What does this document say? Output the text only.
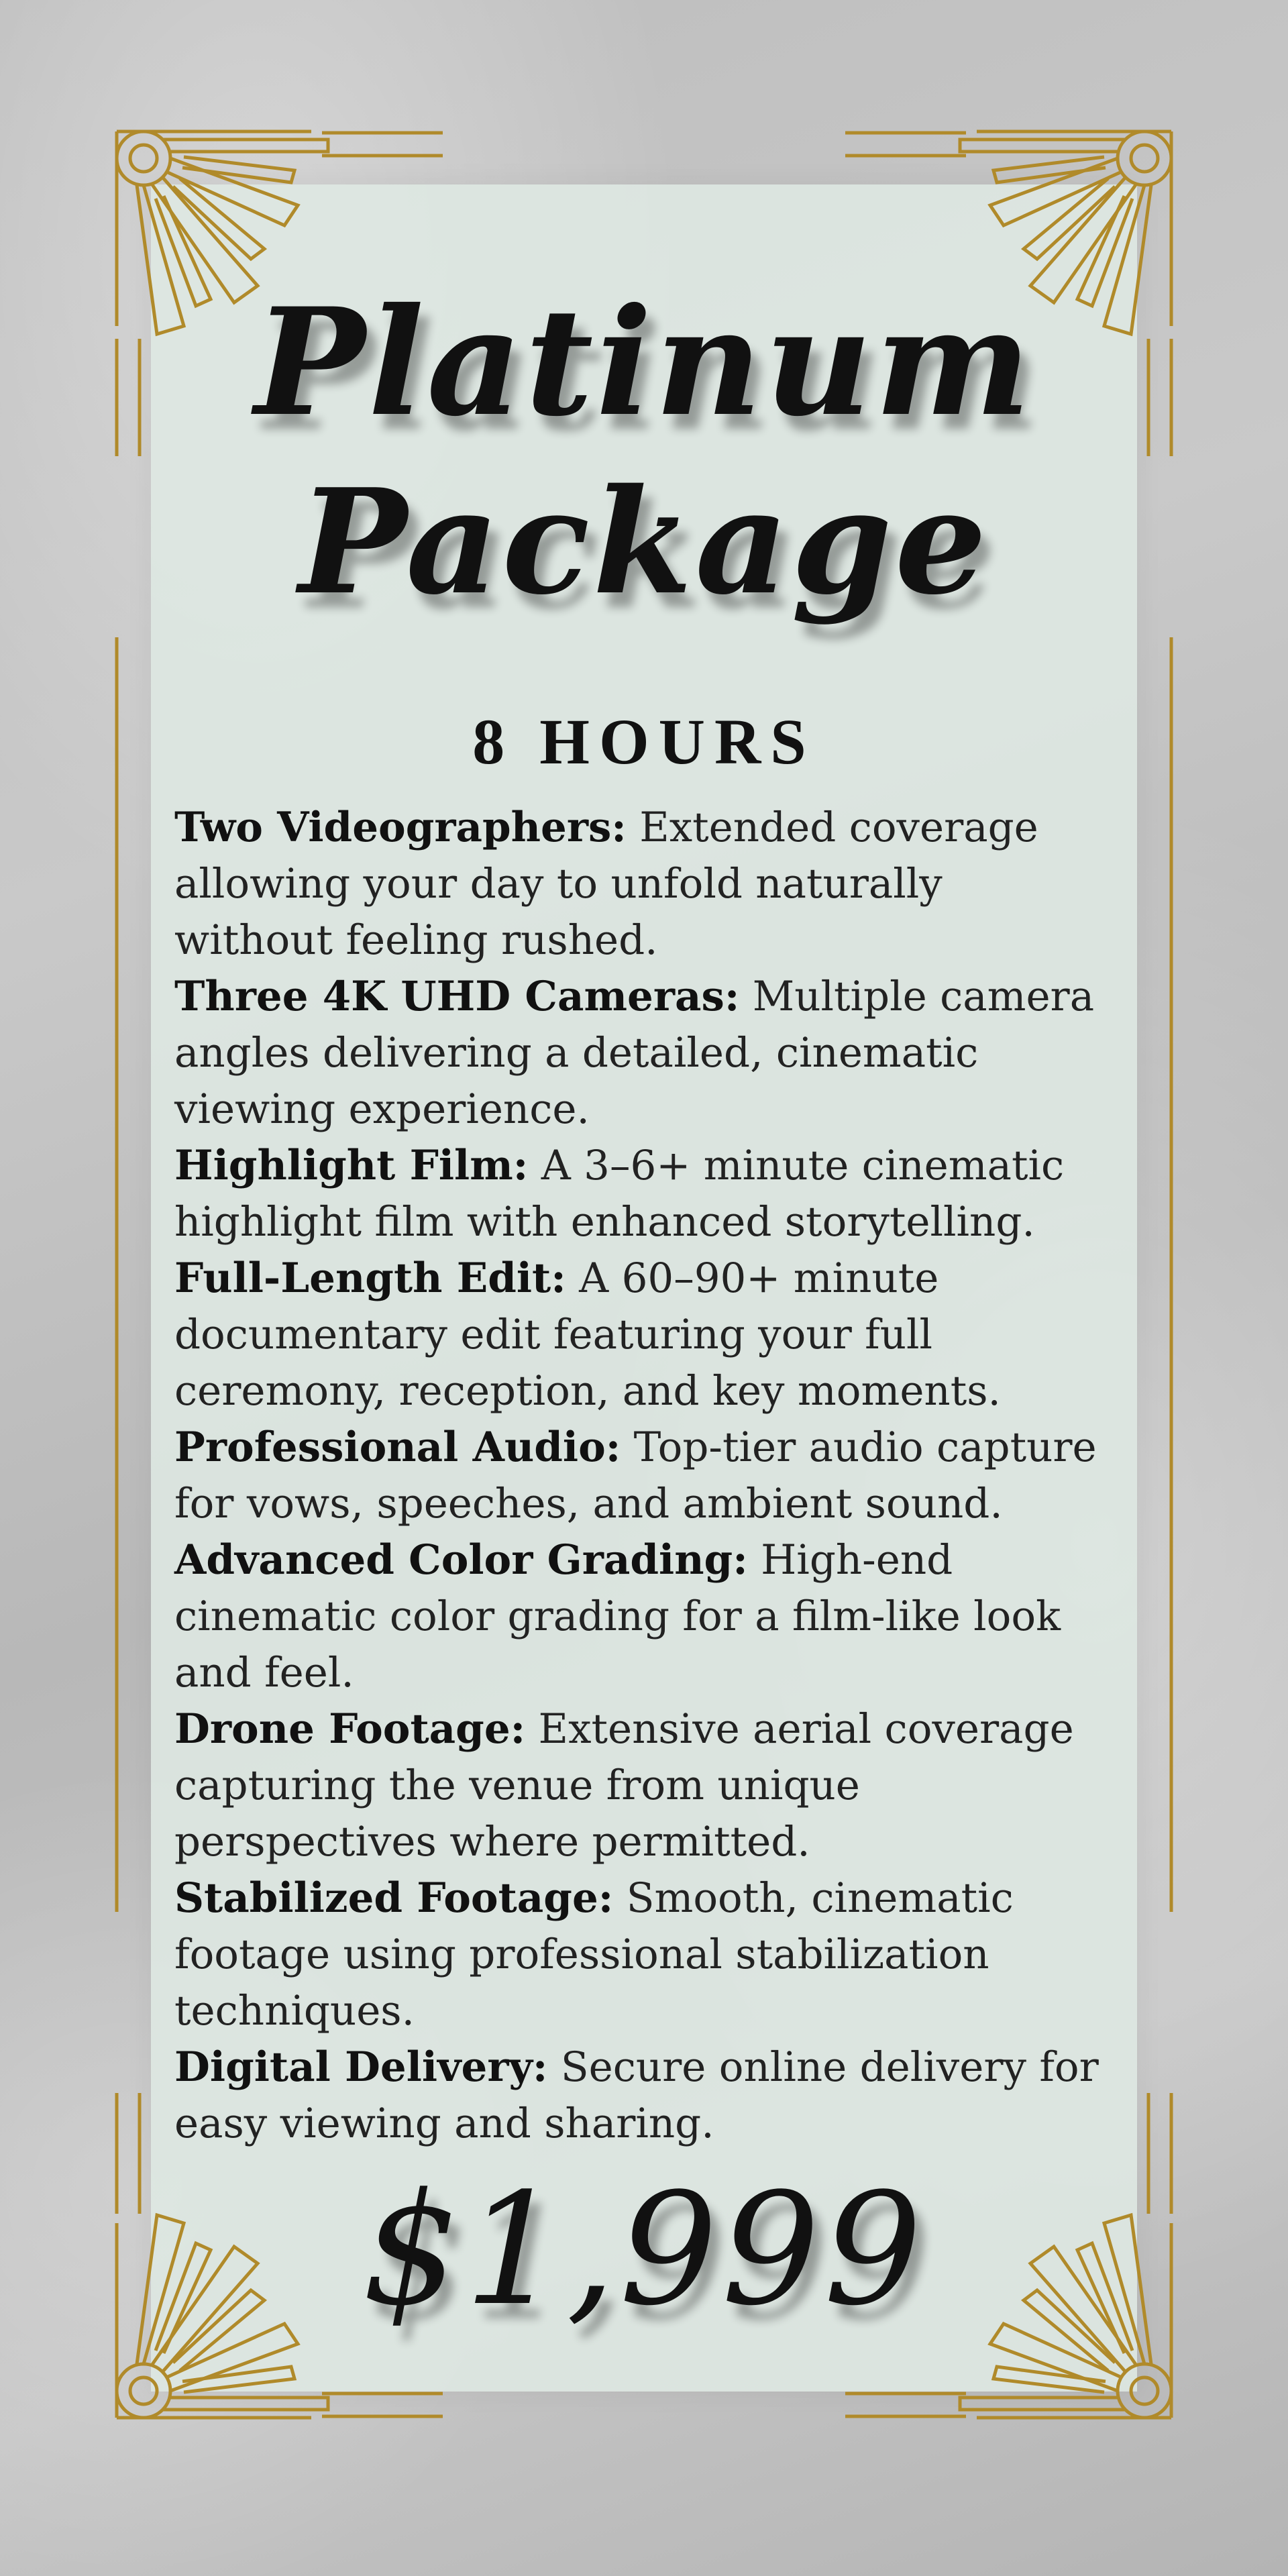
Platinum
Package
8 HOURS
Two Videographers: Extended coverage allowing your day to unfold naturally without feeling rushed.
Three 4K UHD Cameras: Multiple camera angles delivering a detailed, cinematic viewing experience.
Highlight Film: A 3–6+ minute cinematic highlight film with enhanced storytelling.
Full-Length Edit: A 60–90+ minute documentary edit featuring your full ceremony, reception, and key moments.
Professional Audio: Top-tier audio capture for vows, speeches, and ambient sound.
Advanced Color Grading: High-end cinematic color grading for a film-like look and feel.
Drone Footage: Extensive aerial coverage capturing the venue from unique perspectives where permitted.
Stabilized Footage: Smooth, cinematic footage using professional stabilization techniques.
Digital Delivery: Secure online delivery for easy viewing and sharing.
$1,999
